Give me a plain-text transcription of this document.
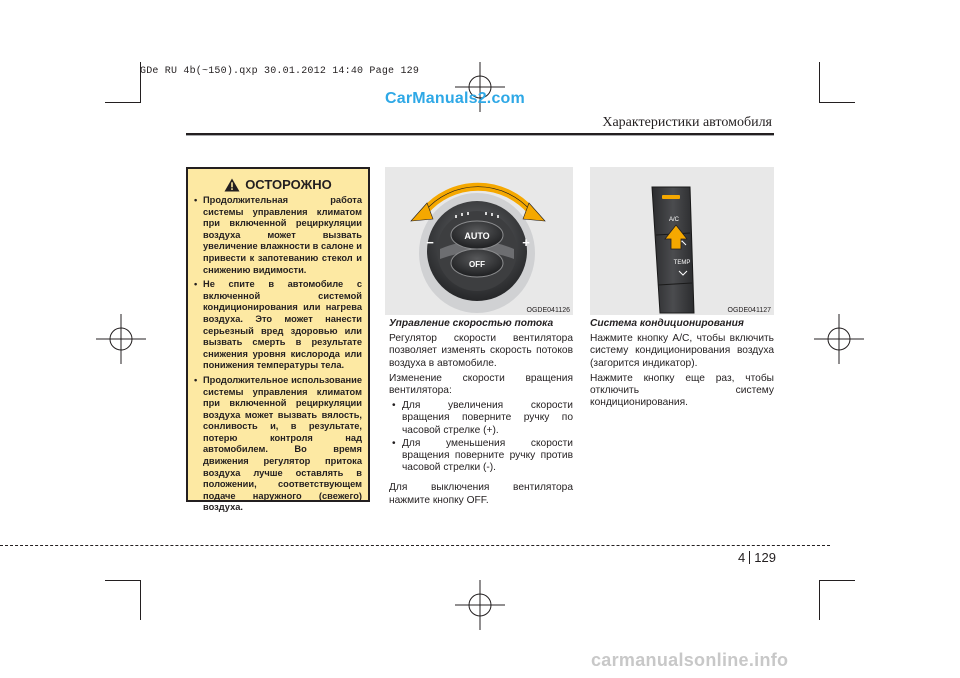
GDe RU 4b(~150).qxp 30.01.2012 14:40 Page 129
CarManuals2.com
Характеристики автомобиля
ОСТОРОЖНО
• Продолжительная работа системы управления климатом при включенной рециркуляции воздуха может вызвать увеличение влажности в салоне и привести к запотеванию стекол и снижению видимости.
• Не спите в автомобиле с включенной системой кондиционирования или нагрева воздуха. Это может нанести серьезный вред здоровью или вызвать смерть в результате снижения уровня кислорода или понижения температуры тела.
• Продолжительное использование системы управления климатом при включенной рециркуляции воздуха может вызвать вялость, сонливость и, в результате, потерю контроля над автомобилем. Во время движения регулятор притока воздуха лучше оставлять в положении, соответствующем подаче наружного (свежего) воздуха.
AUTO
OFF
−	+
OGDE041126
A/C
TEMP
OGDE041127

Управление скоростью потока

Регулятор скорости вентилятора позволяет изменять скорость потоков воздуха в автомобиле.

Изменение скорости вращения вентилятора:

• Для увеличения скорости вращения поверните ручку по часовой стрелке (+).
• Для уменьшения скорости вращения поверните ручку против часовой стрелки (-).

Для выключения вентилятора нажмите кнопку OFF.

Система кондиционирования

Нажмите кнопку A/C, чтобы включить систему кондиционирования воздуха (загорится индикатор).

Нажмите кнопку еще раз, чтобы отключить систему кондиционирования.

4 129
carmanualsonline.info
